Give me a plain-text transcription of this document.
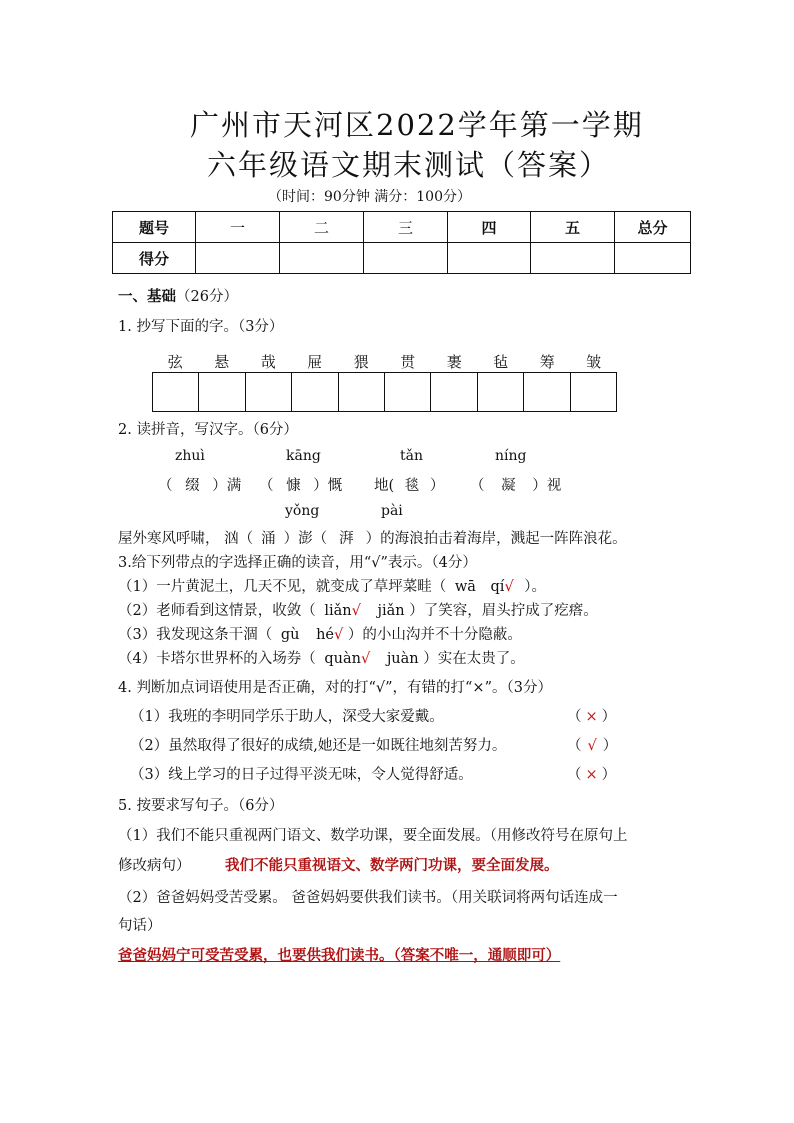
广州市天河区2022学年第一学期
六年级语文期末测试（答案）
（时间：90分钟 满分：100分）
题号	一	二	三	四	五	总分
得分						
一、基础（26分）
1. 抄写下面的字。（3分）
弦	悬	哉	屉	猥	贯	裹	毡	筹	皱
2. 读拼音，写汉字。（6分）
zhuì	kāng	tǎn	níng
（ 缀 ）满 （ 慷 ）慨 地( 毯 ） （ 凝 ）视
yǒng	pài
屋外寒风呼啸， 汹（ 涌 ）澎（ 湃 ）的海浪拍击着海岸，溅起一阵阵浪花。
3.给下列带点的字选择正确的读音，用“√”表示。（4分）
（1）一片黄泥土，几天不见，就变成了草坪菜畦（ wā qí√ ）。
（2）老师看到这情景，收敛（ liǎn√ jiǎn ）了笑容，眉头拧成了疙瘩。
（3）我发现这条干涸（ gù hé√ ）的小山沟并不十分隐蔽。
（4）卡塔尔世界杯的入场券（ quàn√ juàn ）实在太贵了。
4. 判断加点词语使用是否正确，对的打“√”，有错的打“×”。（3分）
（1）我班的李明同学乐于助人，深受大家爱戴。	（ × ）
（2）虽然取得了很好的成绩,她还是一如既往地刻苦努力。	（ √ ）
（3）线上学习的日子过得平淡无味，令人觉得舒适。	（ × ）
5. 按要求写句子。（6分）
（1）我们不能只重视两门语文、数学功课，要全面发展。（用修改符号在原句上
修改病句） 我们不能只重视语文、数学两门功课，要全面发展。
（2）爸爸妈妈受苦受累。 爸爸妈妈要供我们读书。（用关联词将两句话连成一
句话）
爸爸妈妈宁可受苦受累，也要供我们读书。（答案不唯一，通顺即可）
